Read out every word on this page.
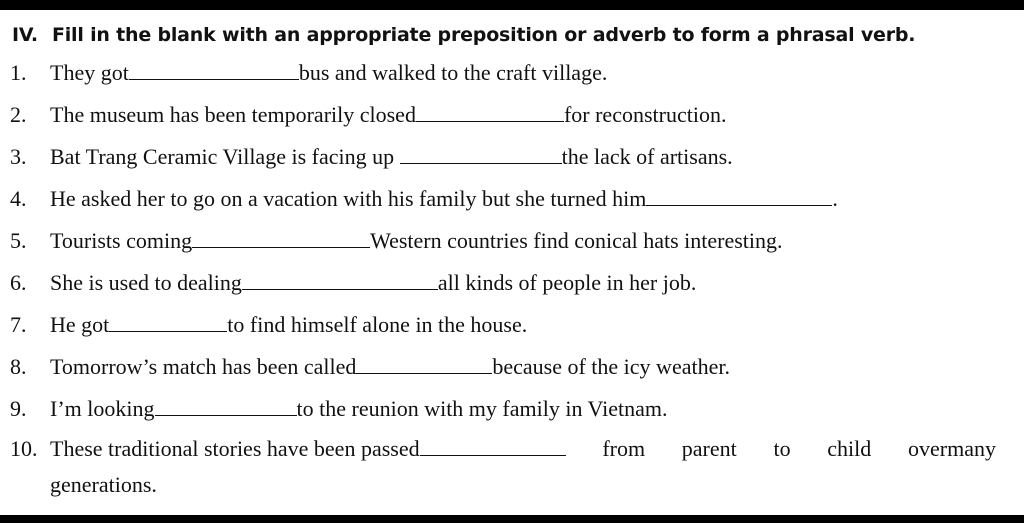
IV. Fill in the blank with an appropriate preposition or adverb to form a phrasal verb.
1. They got	bus and walked to the craft village.
2. The museum has been temporarily closed	for reconstruction.
3. Bat Trang Ceramic Village is facing up	the lack of artisans.
4. He asked her to go on a vacation with his family but she turned him	.
5. Tourists coming	Western countries find conical hats interesting.
6. She is used to dealing	all kinds of people in her job.
7. He got	to find himself alone in the house.
8. Tomorrow’s match has been called	because of the icy weather.
9. I’m looking	to the reunion with my family in Vietnam.
10. These traditional stories have been passed	from parent to child overmany
generations.
